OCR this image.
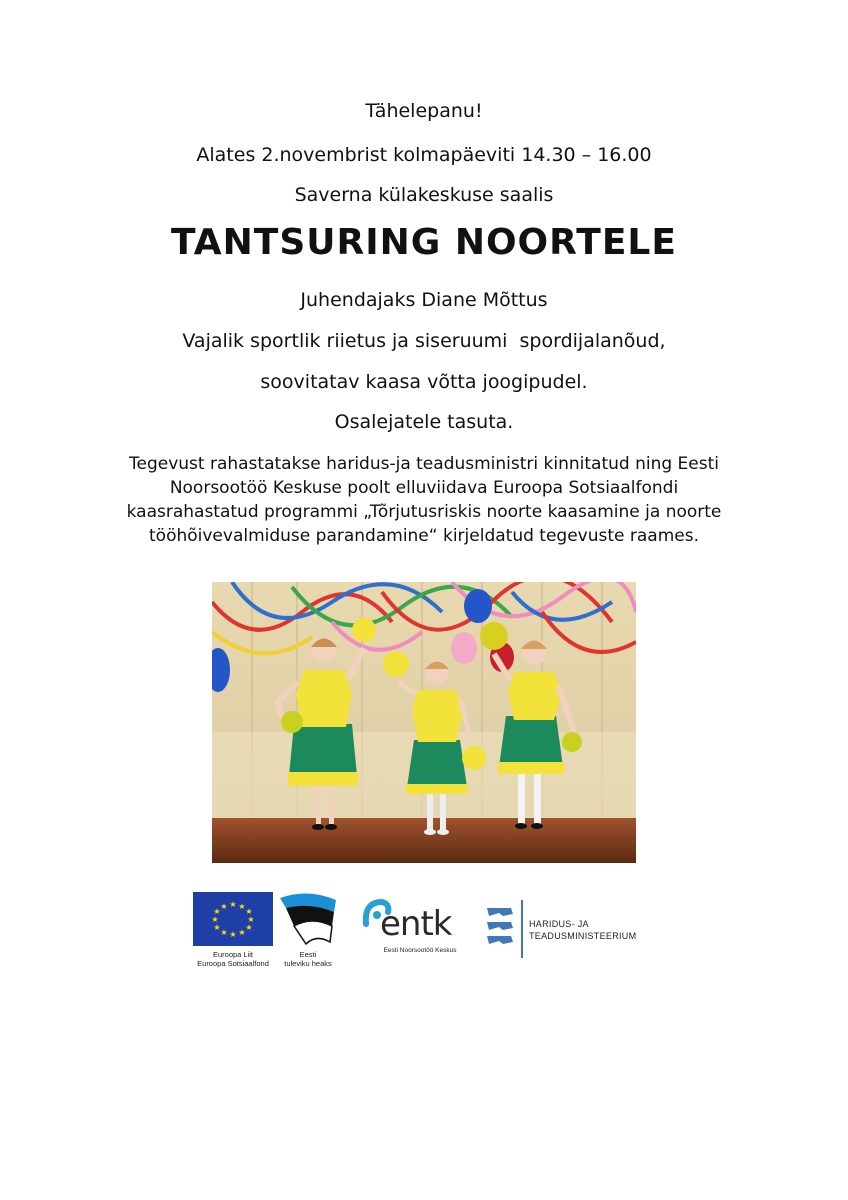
Tähelepanu!
Alates 2.novembrist kolmapäeviti 14.30 – 16.00
Saverna külakeskuse saalis
TANTSURING NOORTELE
Juhendajaks Diane Mõttus
Vajalik sportlik riietus ja siseruumi  spordijalanõud,
soovitatav kaasa võtta joogipudel.
Osalejatele tasuta.
Tegevust rahastatakse haridus-ja teadusministri kinnitatud ning Eesti
Noorsootöö Keskuse poolt elluviidava Euroopa Sotsiaalfondi
kaasrahastatud programmi „Tõrjutusriskis noorte kaasamine ja noorte
tööhõivevalmiduse parandamine“ kirjeldatud tegevuste raames.
★ ★
★
★
★
★
★
★
★
★
★
★
Euroopa Liit
Euroopa Sotsiaalfond
Eesti
tuleviku heaks
entk
Eesti Noorsootöö Keskus
HARIDUS- JA
TEADUSMINISTEERIUM
